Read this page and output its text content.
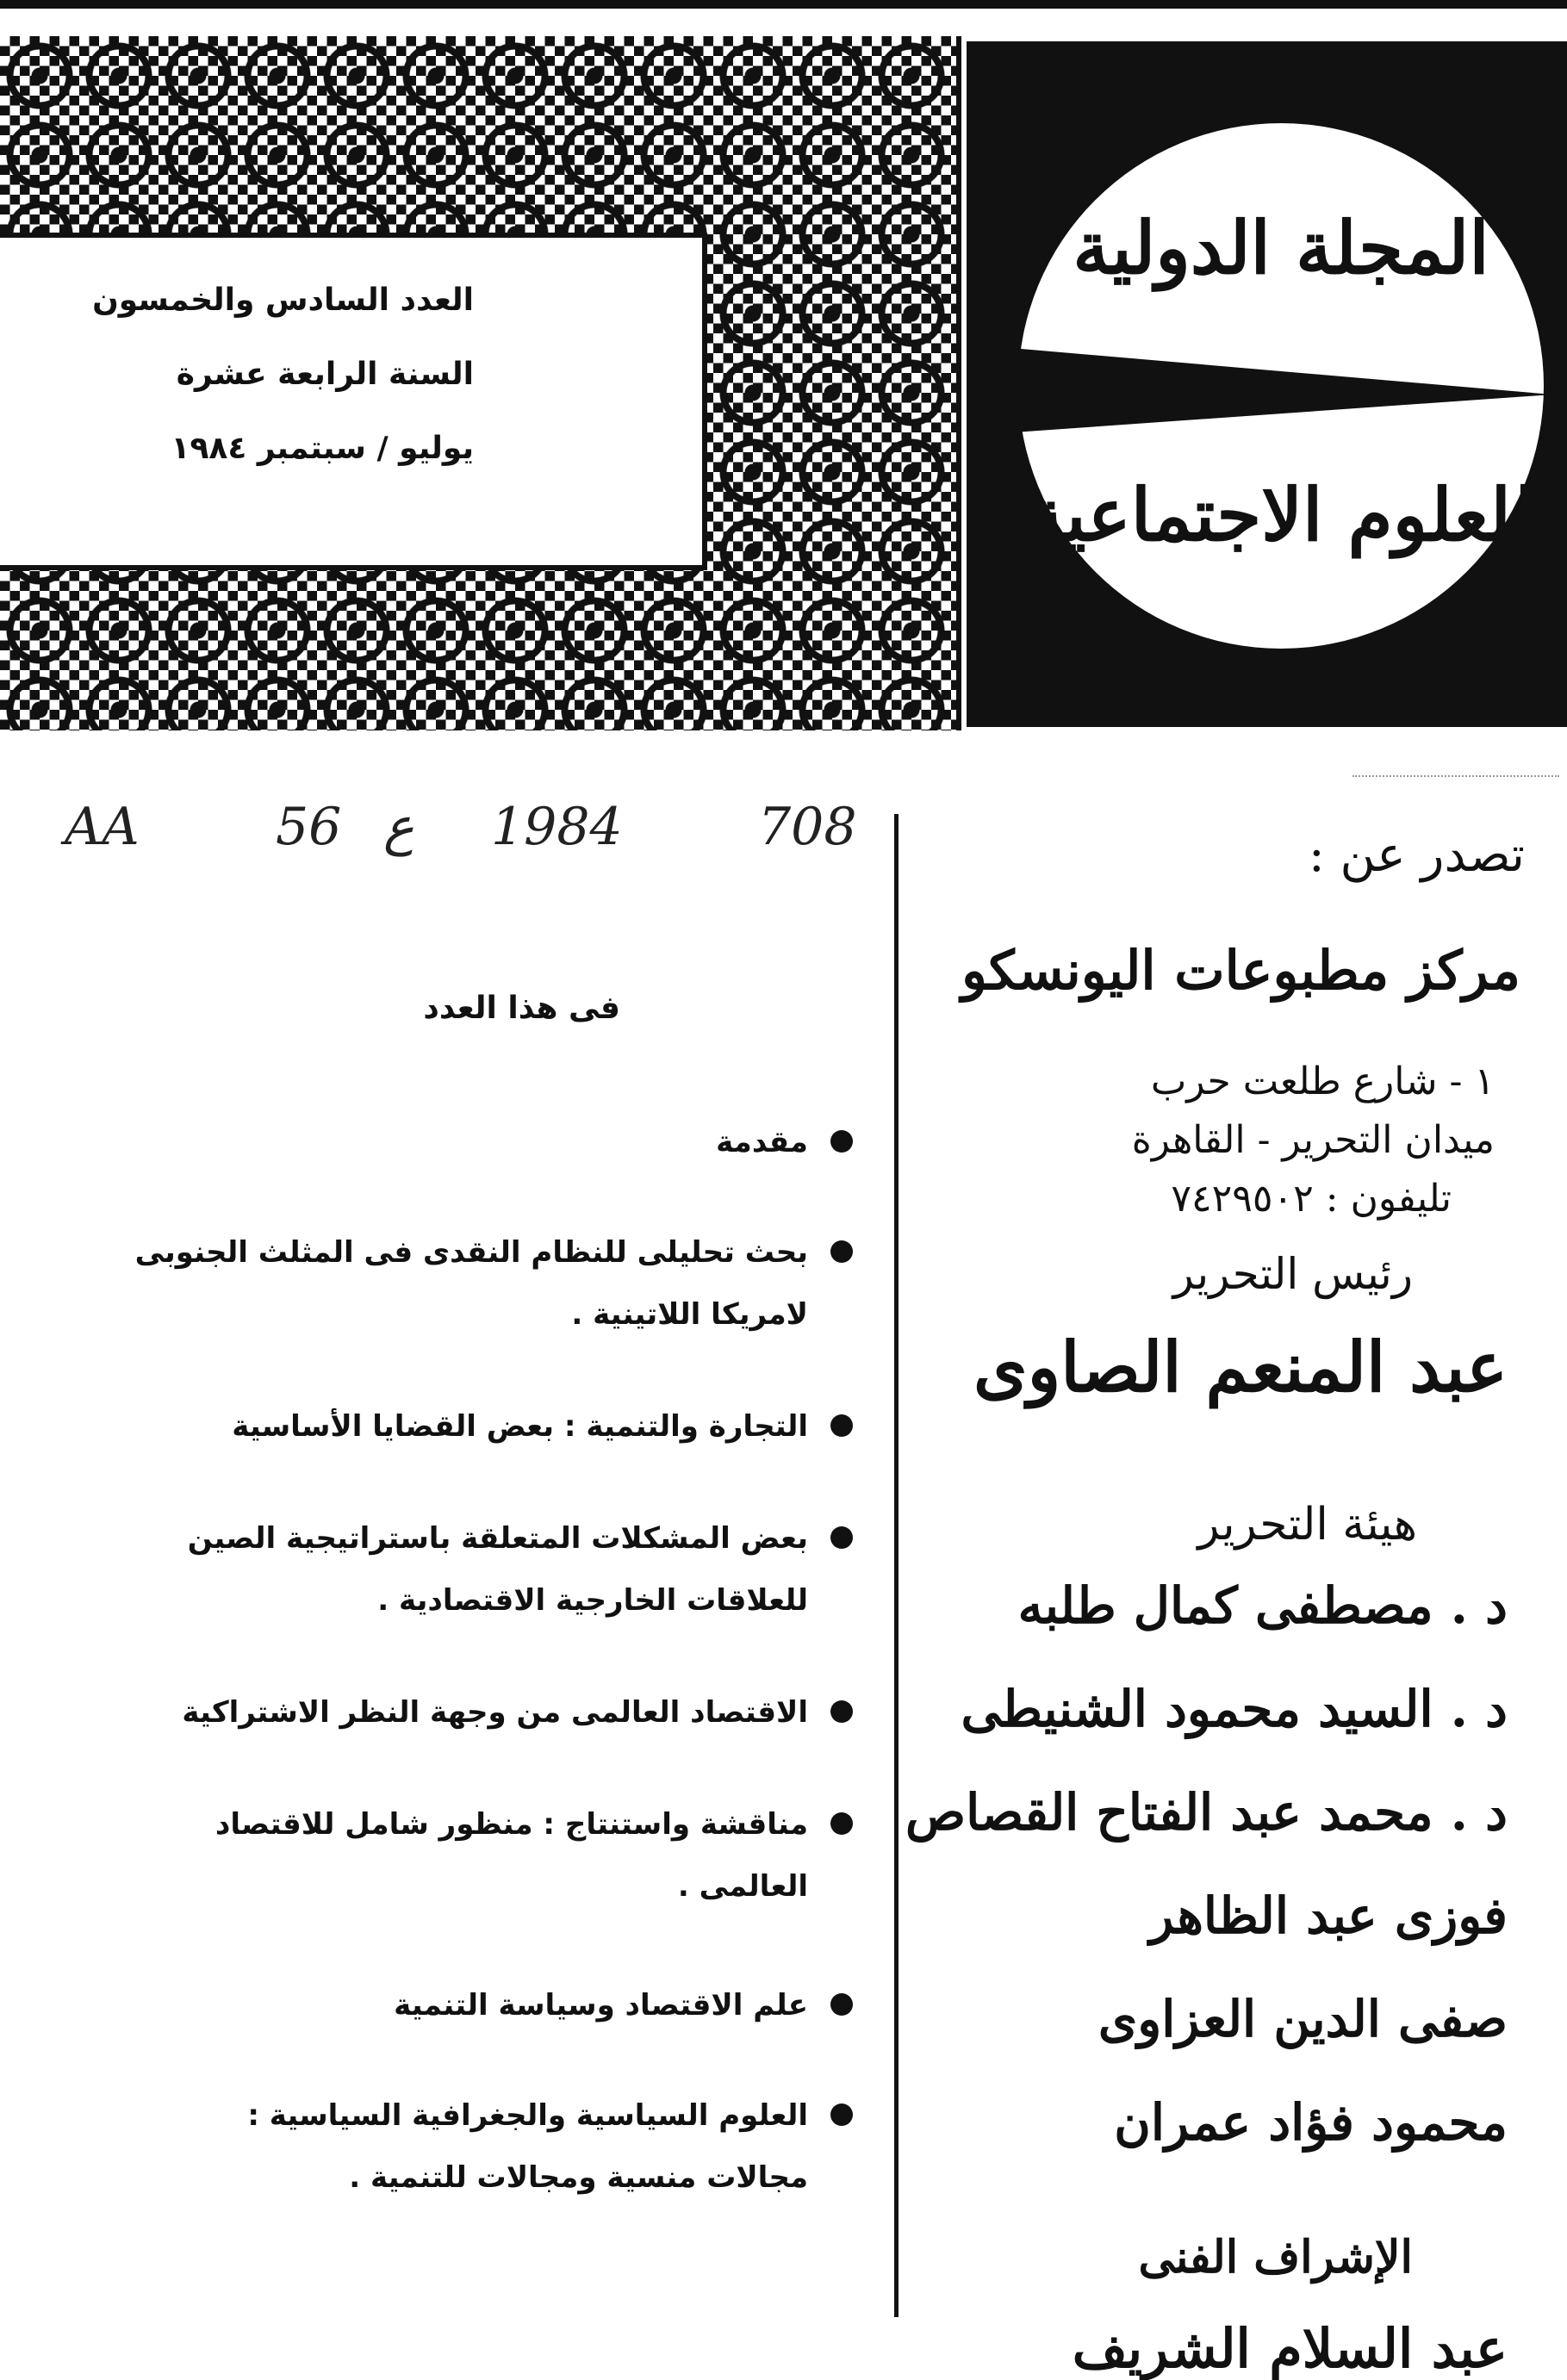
العدد السادس والخمسون
السنة الرابعة عشرة
يوليو / سبتمبر ١٩٨٤
المجلة الدولية
للعلوم الاجتماعية
AA	56 ع 1984	708
فى هذا العدد
مقدمة
بحث تحليلى للنظام النقدى فى المثلث الجنوبى
لامريكا اللاتينية .
التجارة والتنمية : بعض القضايا الأساسية
بعض المشكلات المتعلقة باستراتيجية الصين
للعلاقات الخارجية الاقتصادية .
الاقتصاد العالمى من وجهة النظر الاشتراكية
مناقشة واستنتاج : منظور شامل للاقتصاد
العالمى .
علم الاقتصاد وسياسة التنمية
العلوم السياسية والجغرافية السياسية :
مجالات منسية ومجالات للتنمية .
تصدر عن :
مركز مطبوعات اليونسكو
١ - شارع طلعت حرب
ميدان التحرير - القاهرة
تليفون : ٧٤٢٩٥٠٢
رئيس التحرير
عبد المنعم الصاوى
هيئة التحرير
د . مصطفى كمال طلبه
د . السيد محمود الشنيطى
د . محمد عبد الفتاح القصاص
فوزى عبد الظاهر
صفى الدين العزاوى
محمود فؤاد عمران
الإشراف الفنى
عبد السلام الشريف
